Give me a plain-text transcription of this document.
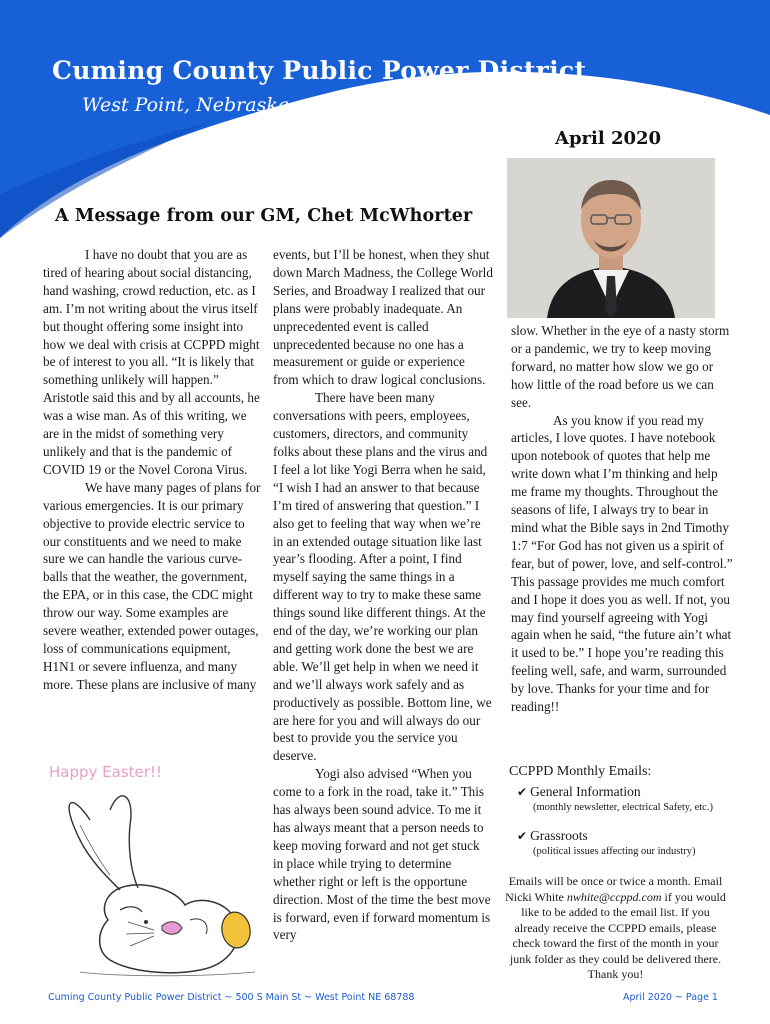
Cuming County Public Power District
West Point, Nebraska
April 2020
A Message from our GM, Chet McWhorter

I have no doubt that you are as tired of hearing about social distancing, hand washing, crowd reduction, etc. as I am. I’m not writing about the virus itself but thought offering some insight into how we deal with crisis at CCPPD might be of interest to you all. “It is likely that something unlikely will happen.” Aristotle said this and by all accounts, he was a wise man. As of this writing, we are in the midst of something very unlikely and that is the pandemic of COVID 19 or the Novel Corona Virus.

We have many pages of plans for various emergencies. It is our primary objective to provide electric service to our constituents and we need to make sure we can handle the various curve-balls that the weather, the government, the EPA, or in this case, the CDC might throw our way. Some examples are severe weather, extended power outages, loss of communications equipment, H1N1 or severe influenza, and many more. These plans are inclusive of many

events, but I’ll be honest, when they shut down March Madness, the College World Series, and Broadway I realized that our plans were probably inadequate. An unprecedented event is called unprecedented because no one has a measurement or guide or experience from which to draw logical conclusions.

There have been many conversations with peers, employees, customers, directors, and community folks about these plans and the virus and I feel a lot like Yogi Berra when he said, “I wish I had an answer to that because I’m tired of answering that question.” I also get to feeling that way when we’re in an extended outage situation like last year’s flooding. After a point, I find myself saying the same things in a different way to try to make these same things sound like different things. At the end of the day, we’re working our plan and getting work done the best we are able. We’ll get help in when we need it and we’ll always work safely and as productively as possible. Bottom line, we are here for you and will always do our best to provide you the service you deserve.

Yogi also advised “When you come to a fork in the road, take it.” This has always been sound advice. To me it has always meant that a person needs to keep moving forward and not get stuck in place while trying to determine whether right or left is the opportune direction. Most of the time the best move is forward, even if forward momentum is very

slow. Whether in the eye of a nasty storm or a pandemic, we try to keep moving forward, no matter how slow we go or how little of the road before us we can see.

As you know if you read my articles, I love quotes. I have notebook upon notebook of quotes that help me write down what I’m thinking and help me frame my thoughts. Throughout the seasons of life, I always try to bear in mind what the Bible says in 2nd Timothy 1:7 “For God has not given us a spirit of fear, but of power, love, and self-control.” This passage provides me much comfort and I hope it does you as well. If not, you may find yourself agreeing with Yogi again when he said, “the future ain’t what it used to be.” I hope you’re reading this feeling well, safe, and warm, surrounded by love. Thanks for your time and for reading!!

CCPPD Monthly Emails:
✔ General Information
(monthly newsletter, electrical Safety, etc.)
✔ Grassroots
(political issues affecting our industry)
Emails will be once or twice a month. Email Nicki White nwhite@ccppd.com if you would like to be added to the email list. If you already receive the CCPPD emails, please check toward the first of the month in your junk folder as they could be delivered there. Thank you!
Happy Easter!!
Cuming County Public Power District ~ 500 S Main St ~ West Point NE 68788	April 2020 ~ Page 1
